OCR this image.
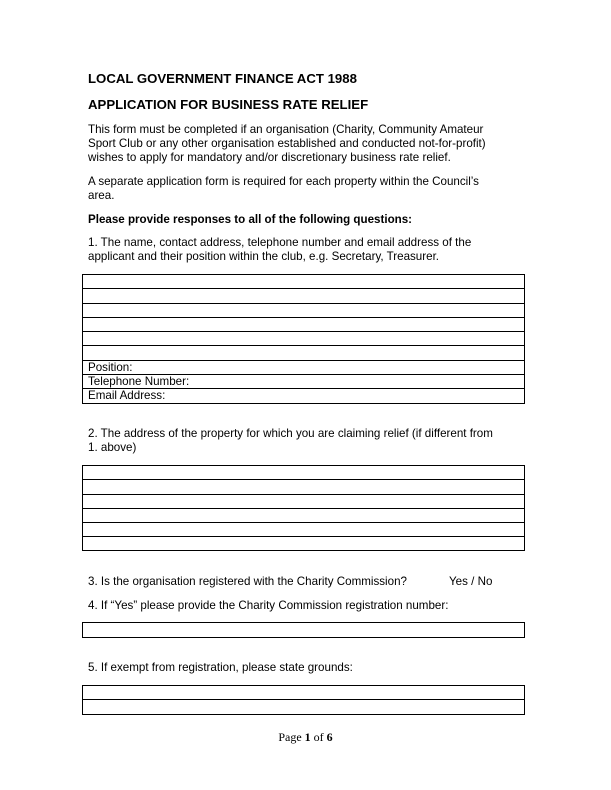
LOCAL GOVERNMENT FINANCE ACT 1988
APPLICATION FOR BUSINESS RATE RELIEF
This form must be completed if an organisation (Charity, Community Amateur
Sport Club or any other organisation established and conducted not-for-profit)
wishes to apply for mandatory and/or discretionary business rate relief.
A separate application form is required for each property within the Council’s
area.
Please provide responses to all of the following questions:
1. The name, contact address, telephone number and email address of the
applicant and their position within the club, e.g. Secretary, Treasurer.
Position:
Telephone Number:
Email Address:
2. The address of the property for which you are claiming relief (if different from
1. above)
3. Is the organisation registered with the Charity Commission?	Yes / No
4. If “Yes” please provide the Charity Commission registration number:
5. If exempt from registration, please state grounds:
Page 1 of 6
